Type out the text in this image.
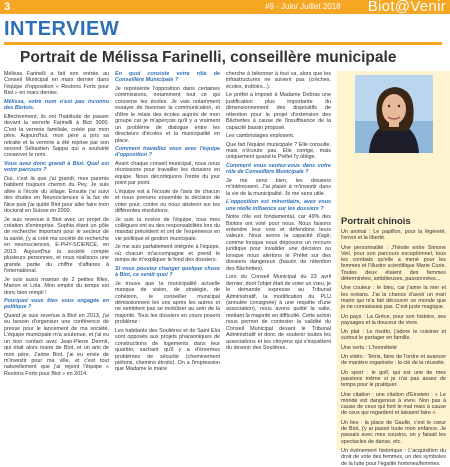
3	#9 - Juin/ Juillet 2018 Biot@Venir
INTERVIEW
Portrait de Mélissa Farinelli, conseillère municipale

Mélissa Farinelli a fait son entrée au Conseil Municipal en mars dernier dans l'équipe d'opposition « Restons Forts pour Biot » en mars dernier.

Mélissa, votre nom n'est pas inconnu des Biotois.

Effectivement, ils ont l'habitude de passer devant la verrerie Farinelli à Biot 3000. C'est la verrerie familiale, créée par mon père. Aujourd'hui, mon père a pris sa retraite et la verrerie a été reprise par son second Sébastien Sappa qui a souhaité conserver le nom.

Vous avez donc grandi à Biot. Quel est votre parcours ?

Oui, c'est là que j'ai grandi, mes parents habitent toujours chemin du Pey. Je suis allée à l'école du village. Ensuite j'ai suivi des études en Neurosciences à la fac de Nice puis j'ai quitté Biot pour aller faire mon doctorat en Suisse en 2000.

Je suis revenue à Biot avec un projet de création d'entreprise. Sophia étant un pôle de recherche important pour le secteur de la santé, j'y ai créé ma société de recherche en neurosciences, E-PHY-SCIENCE, en 2013. Aujourd'hui la société compte plusieurs personnes, et nous réalisons une grande partie du chiffre d'affaires à l'international.

Je suis aussi maman de 2 petites filles, Manon et Lola. Mon emploi du temps est donc bien rempli !

Pourquoi vous êtes vous engagée en politique ?

Quand je suis revenue à Biot en 2013, j'ai eu besoin d'organiser une conférence de presse pour le lancement de ma société. L'équipe municipale m'a soutenue, et j'ai eu un bon contact avec Jean-Pierre Dermit, qui était alors maire de Biot, et un ami de mon père. J'aime Biot, j'ai eu envie de m'investir pour ma ville, et c'est tout naturellement que j'ai rejoint l'équipe « Restons Forts pour Biot » en 2014.

En quoi consiste votre rôle de Conseillère Municipale ?

Je représente l'opposition dans certaines commissions, notamment tout ce qui concerne les écoles. Je vais notamment essayer de favoriser la communication, et d'être le relais des écoles auprès de mon groupe car je m'aperçois qu'il y a vraiment un problème de dialogue entre les directeurs d'écoles et la municipalité en place.

Comment travaillez vous avec l'équipe d'opposition ?

Avant chaque conseil municipal, nous nous réunissons pour travailler les dossiers en équipe. Nous décortiquons l'ordre du jour point par point.

L'équipe est à l'écoute de l'avis de chacun et nous prenons ensemble la décision de voter pour, contre ou nous abstenir sur les différentes résolutions.

Je suis la novice de l'équipe, tous mes collègues ont eu des responsabilités lors du mandat précédent et ont de l'expérience en vie politique et gestion municipale.

Je me suis parfaitement intégrée à l'équipe, où chacun m'accompagne et prend le temps de m'expliquer le fond des dossiers.

Si vous pouviez changer quelque chose à Biot, ce serait quoi ?

Je trouve que la municipalité actuelle manque de vision, de stratégie, de cohésion, le conseiller municipal démissionnent les uns après les autres et ne semblent pas se mobiliser au sein de la majorité. Tous les dossiers en cours posent problème :

Les habitants des Soulières et de Saint Eloi sont opposés aux projets pharaoniques de constructions de logements dans leur quartier, sachant qu'il y a d'énormes problèmes de sécurité (cheminement piétons, chemins étroits). On a l'impression que Madame le maire

cherche à bétonner à tout va, alors que les infrastructures ne suivent pas (crèches, écoles, trottoirs...).

Le préfet a imposé à Madame Debras une justification plus importante du dimensionnement des dispositifs de rétention pour le projet d'extension des Bâchettes à cause de l'insuffisance de la capacité bassin proposé.

Les cambriolages explosent.

Que fait l'équipe municipale ? Elle consulte, mais n'écoute pas. Elle corrige, mais uniquement quand le Préfet l'y oblige.

Comment vous sentez-vous dans votre rôle de Conseillère Municipale ?

Je me sens bien, les dossiers m'intéressent. J'ai plaisir à m'investir dans la vie de la municipalité. Je me sens utile.

L'opposition est minoritaire, avez vous une réelle influence sur les dossiers ?

Notre rôle est fondamental, car 49% des Biotois ont voté pour nous. Nous faisons entendre leur voix et défendons leurs valeurs. Nous avons la capacité d'agir, comme lorsque nous déposons un recours juridique pour invalider une décision ou lorsque nous alertons le Préfet sur des dossiers dangereux (bassin de rétention des Bâchettes).

Lors du Conseil Municipal du 23 avril dernier, dont l'objet était de voter un vœu, je le demande expresse au Tribunal Administratif, la modification du PLU (annulée consignée) à une requête d'une association), nous avons quitté la salle, mettant la majorité en difficulté. Cette action nous permet de contester la validité du Conseil Municipal devant le Tribunal Administratif et donc de soutenir toutes les associations et les citoyens qui s'inquiètent du devenir des Soulières.

Portrait chinois

Un animal : Le papillon, pour la légèreté, l'envol et la liberté.

Une personnalité : J'hésite entre Simone Veil, pour son parcours exceptionnel, tous les combats qu'elle a mené pour les femmes et l'illustre scientifique Marie Curie. Toutes deux étaient des femmes déterminées, ambitieuses, passionnées...

Une couleur : le bleu, car j'aime la mer et les océans. J'ai la chance d'avoir un mari marin qui m'a fait découvrir ce monde que je ne connaissais pas. C'est juste magique.

Un pays : La Grèce, pour son histoire, ses paysages et la douceur de vivre.

Un plat : Le risotto, j'adore le cuisiner et surtout le partager en famille.

Une vertu : L'honnêteté

Un vidéo : Tetris, faire de l'ordre et avancer de manière organisée : la clé de la réussite.

Un sport : le golf, qui est une de mes passions même si je n'ai pas assez de temps pour le pratiquer.

Une citation : une citation d'Einstein : « Le monde est dangereux à vivre. Non pas à cause de ceux qui font le mal mais à cause de ceux qui regardent et laissent faire ».

Un lieu : la place de Gaulle, c'est le cœur de Biot, j'y ai passé toute mon enfance. Je passais avec mes cousins, on y faisait les spectacles de danse, etc.

Un événement historique : L'acquisition du droit de vote des femmes, un des symboles de la lutte pour l'égalité hommes/femmes.
